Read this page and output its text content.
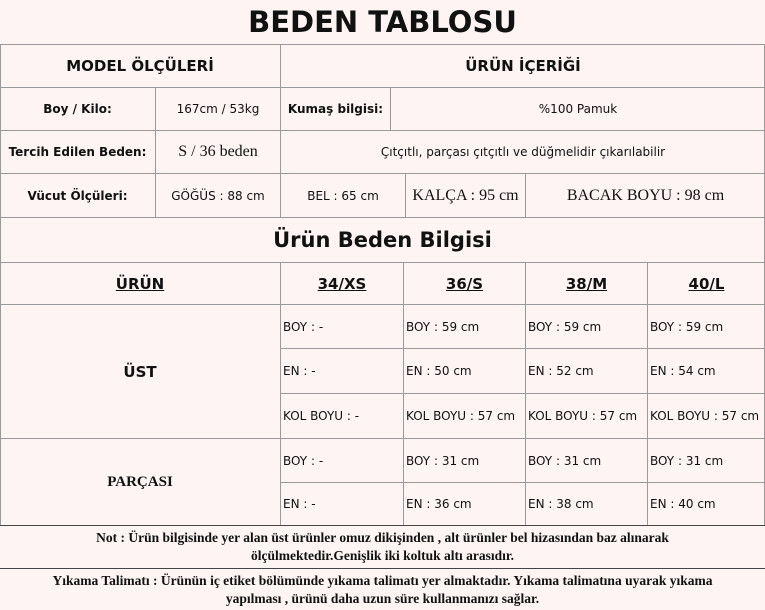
BEDEN TABLOSU
MODEL ÖLÇÜLERİ	ÜRÜN İÇERİĞİ
Boy / Kilo:	167cm / 53kg	Kumaş bilgisi:	%100 Pamuk
Tercih Edilen Beden:	S / 36 beden	Çıtçıtlı, parçası çıtçıtlı ve düğmelidir çıkarılabilir
Vücut Ölçüleri:	GÖĞÜS : 88 cm	BEL : 65 cm	KALÇA : 95 cm	BACAK BOYU : 98 cm
Ürün Beden Bilgisi
ÜRÜN	34/XS	36/S	38/M	40/L
ÜST
BOY : -	BOY : 59 cm	BOY : 59 cm	BOY : 59 cm
EN : -	EN : 50 cm	EN : 52 cm	EN : 54 cm
KOL BOYU : -	KOL BOYU : 57 cm	KOL BOYU : 57 cm	KOL BOYU : 57 cm
PARÇASI
BOY : -	BOY : 31 cm	BOY : 31 cm	BOY : 31 cm
EN : -	EN : 36 cm	EN : 38 cm	EN : 40 cm
Not : Ürün bilgisinde yer alan üst ürünler omuz dikişinden , alt ürünler bel hizasından baz alınarak
ölçülmektedir.Genişlik iki koltuk altı arasıdır.
Yıkama Talimatı : Ürünün iç etiket bölümünde yıkama talimatı yer almaktadır. Yıkama talimatına uyarak yıkama
yapılması , ürünü daha uzun süre kullanmanızı sağlar.
